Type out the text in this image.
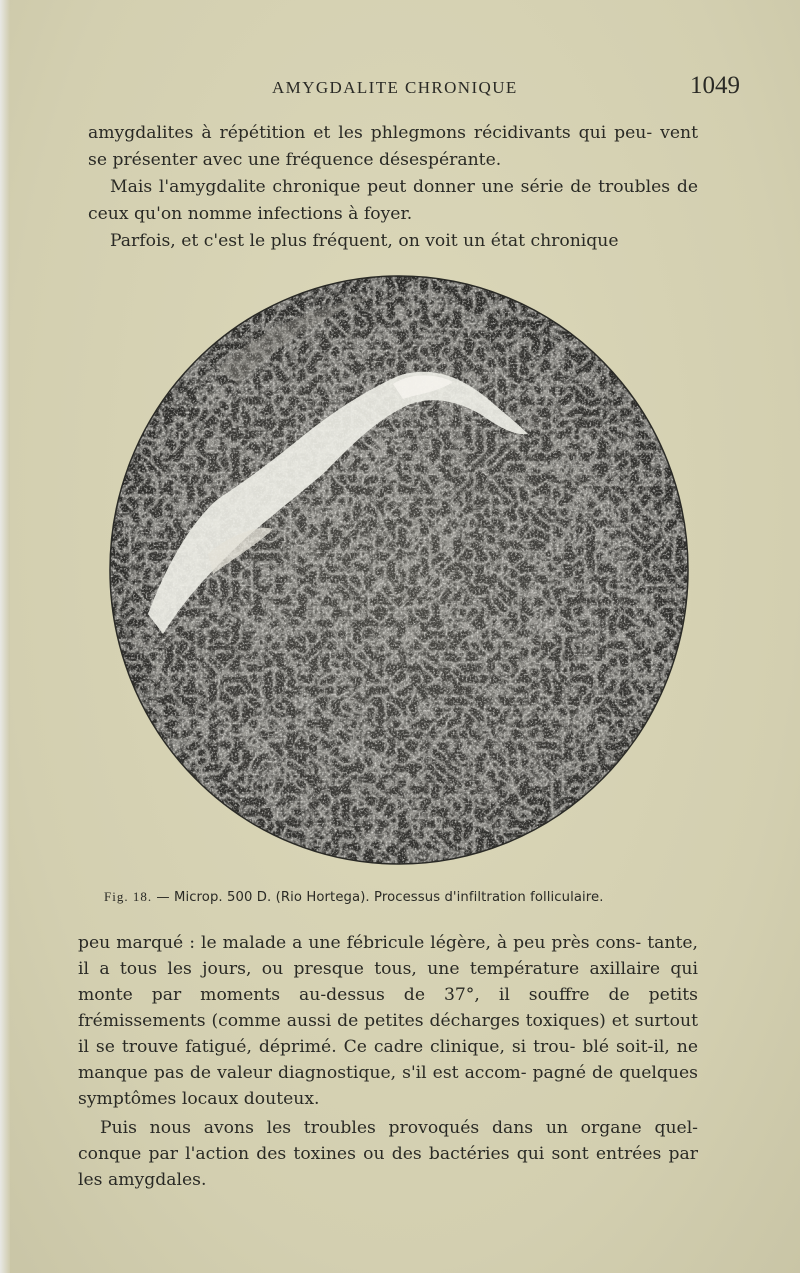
AMYGDALITE CHRONIQUE	1049

amygdalites à répétition et les phlegmons récidivants qui peu- vent se présenter avec une fréquence désespérante.

Mais l'amygdalite chronique peut donner une série de troubles de ceux qu'on nomme infections à foyer.

Parfois, et c'est le plus fréquent, on voit un état chronique

Fig. 18. — Microp. 500 D. (Rio Hortega). Processus d'infiltration folliculaire.

peu marqué : le malade a une fébricule légère, à peu près cons- tante, il a tous les jours, ou presque tous, une température axillaire qui monte par moments au-dessus de 37°, il souffre de petits frémissements (comme aussi de petites décharges toxiques) et surtout il se trouve fatigué, déprimé. Ce cadre clinique, si trou- blé soit-il, ne manque pas de valeur diagnostique, s'il est accom- pagné de quelques symptômes locaux douteux.

Puis nous avons les troubles provoqués dans un organe quel- conque par l'action des toxines ou des bactéries qui sont entrées par les amygdales.
